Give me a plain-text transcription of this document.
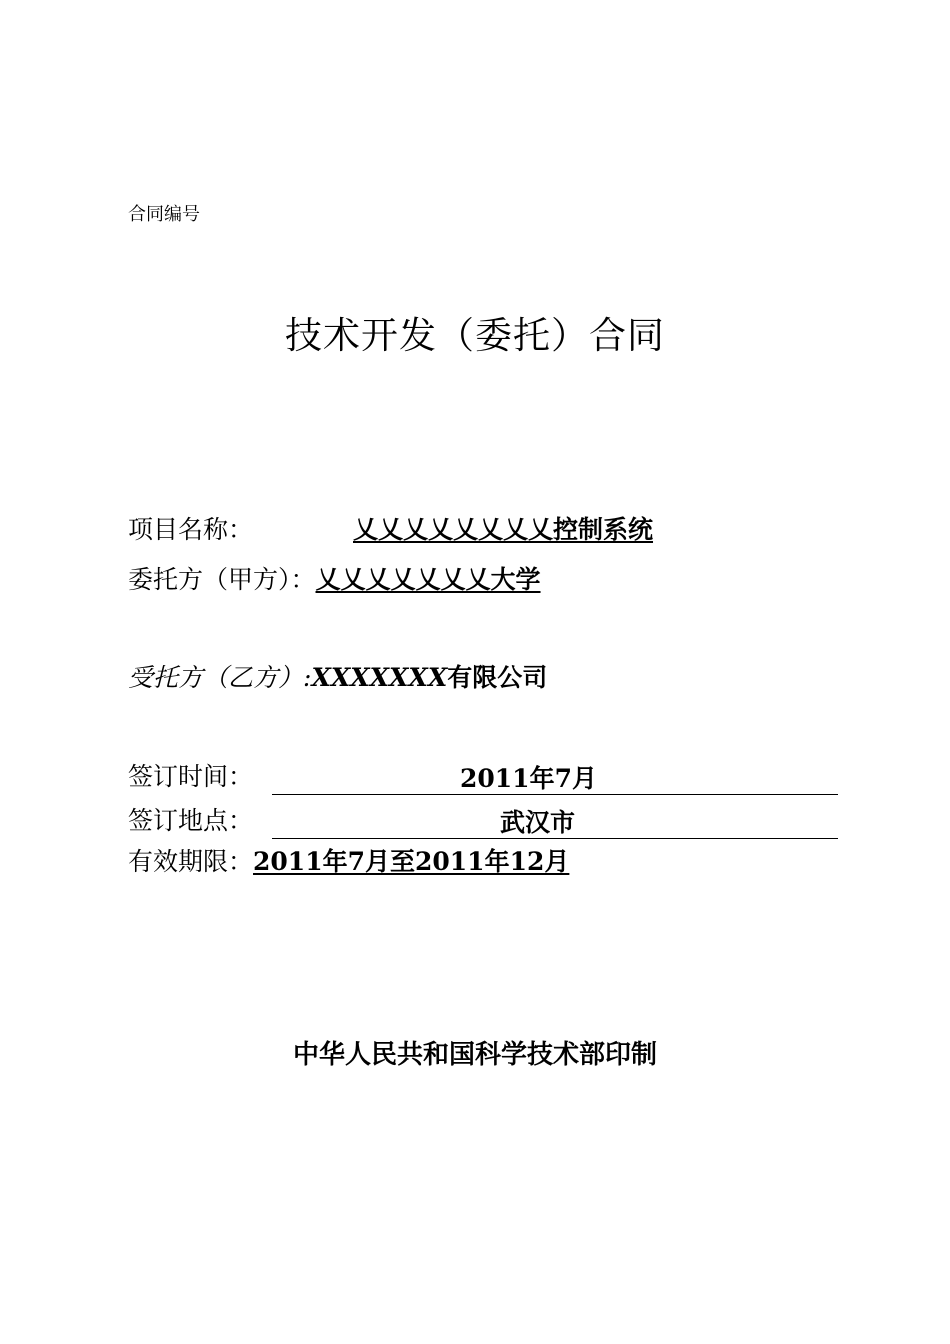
合同编号
技术开发（委托）合同
项目名称：	乂乂乂乂乂乂乂乂控制系统
委托方（甲方）：乂乂乂乂乂乂乂大学
受托方（乙方）:XXXXXXX有限公司
签订时间：	2011年7月
签订地点：	武汉市
有效期限：2011年7月至2011年12月
中华人民共和国科学技术部印制
